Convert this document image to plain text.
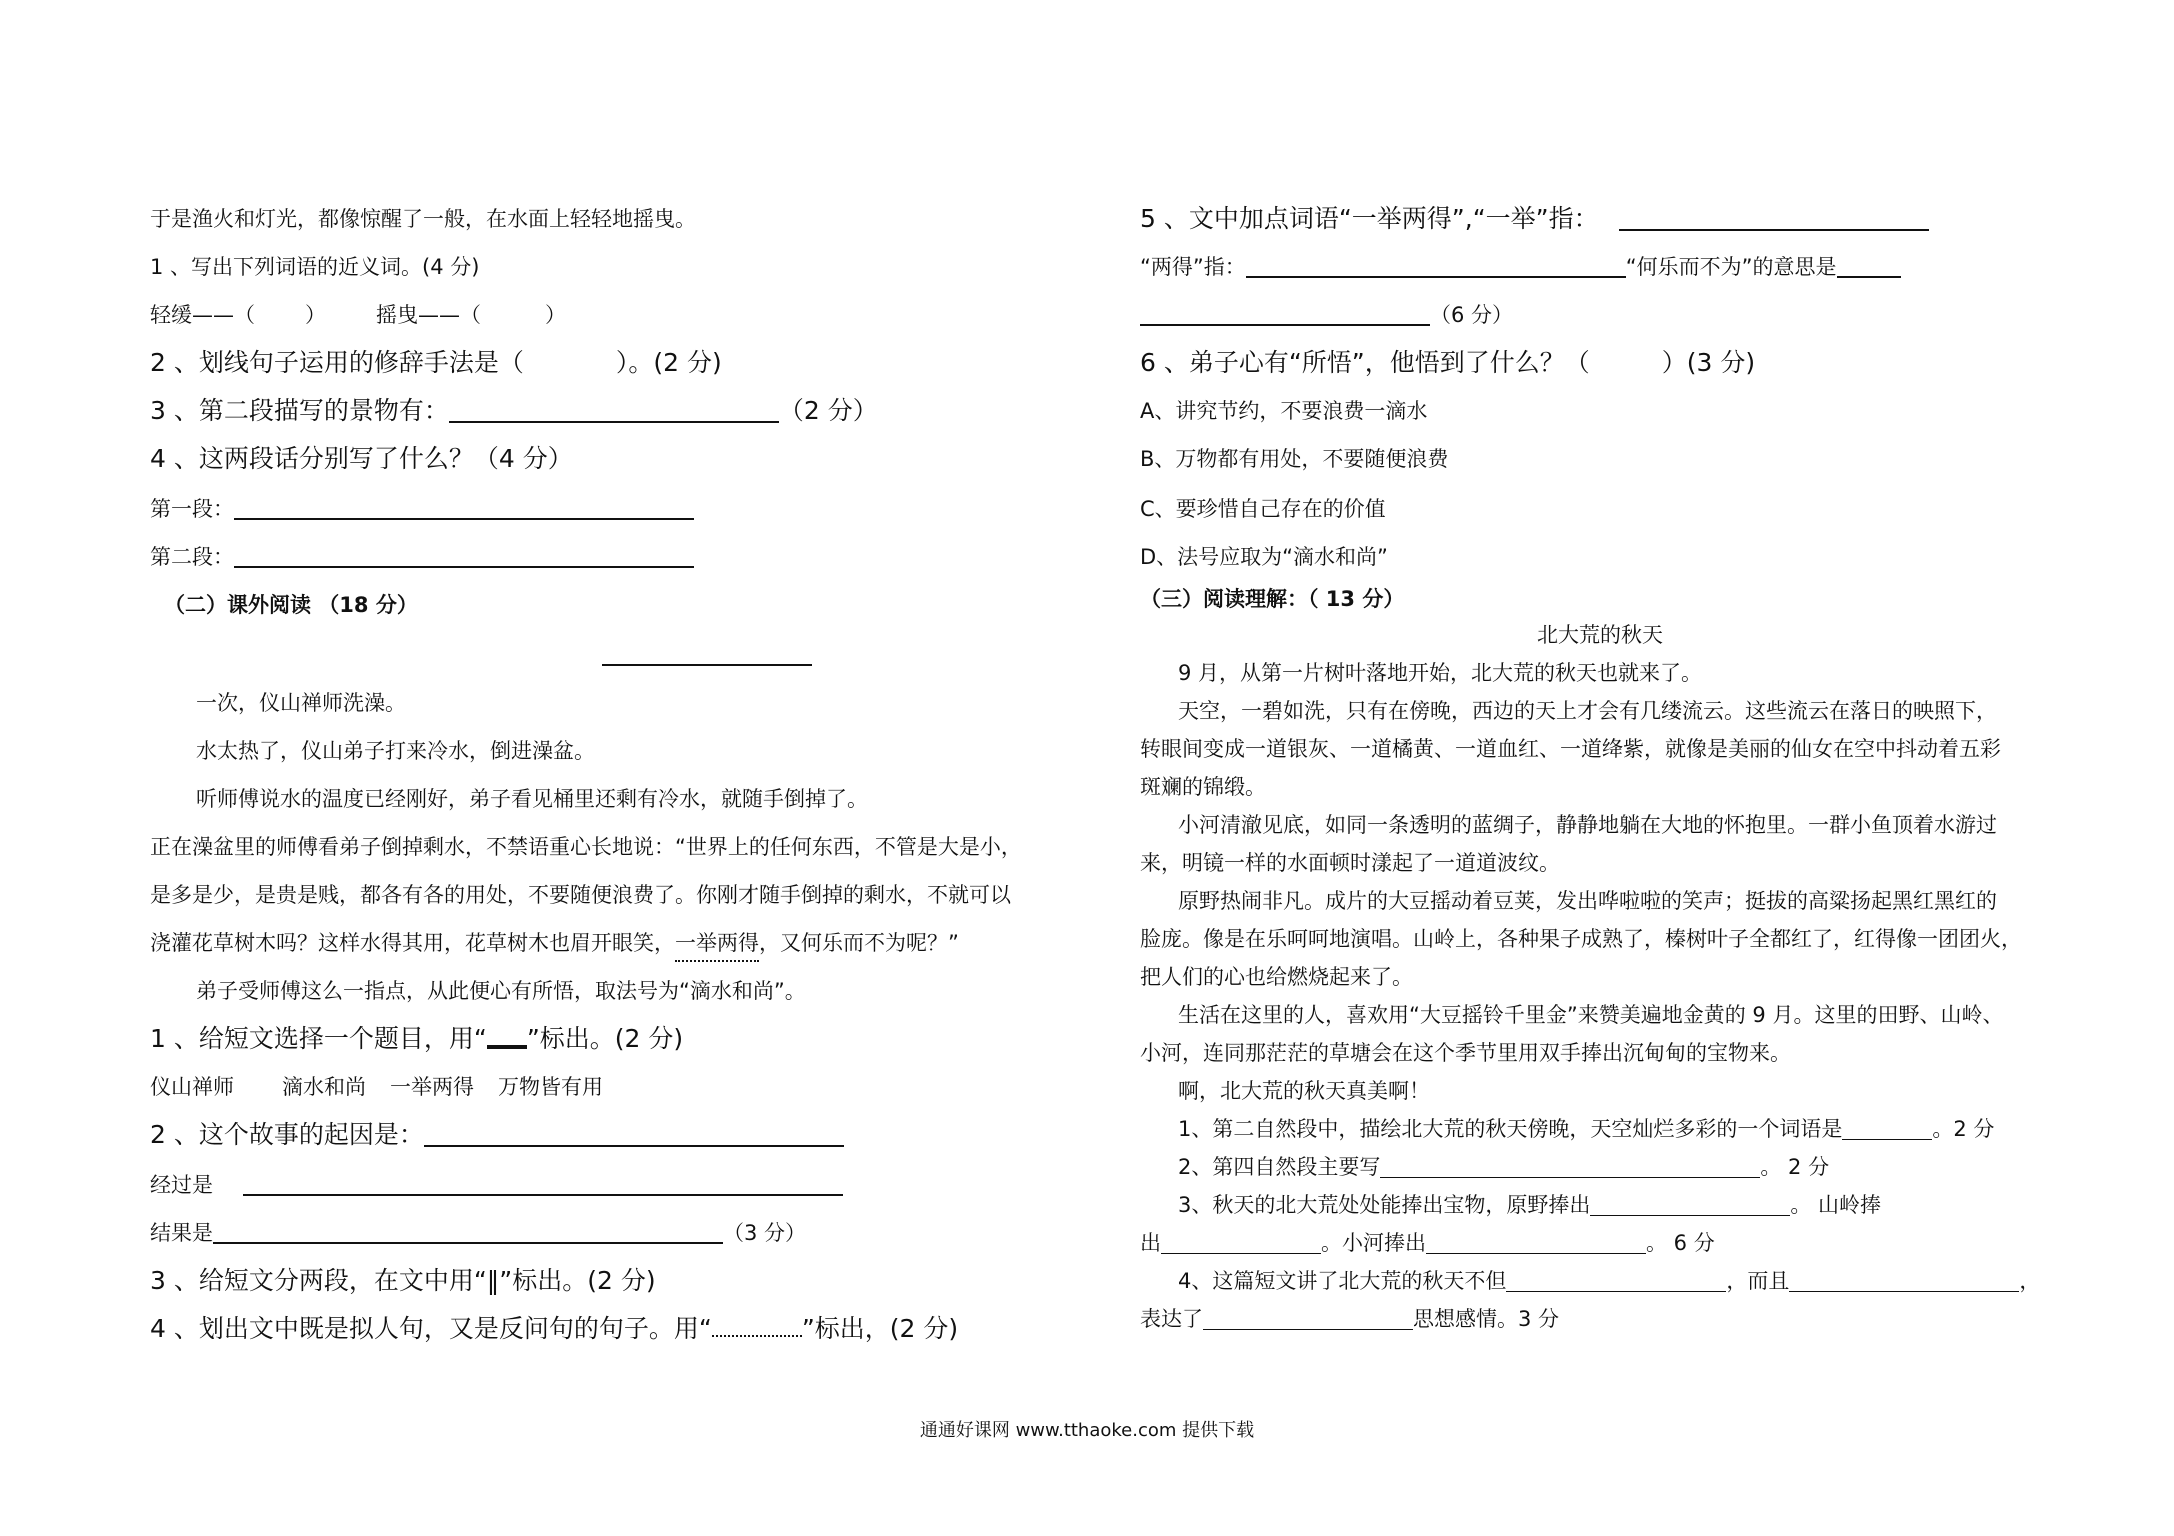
于是渔火和灯光，都像惊醒了一般，在水面上轻轻地摇曳。
1 、写出下列词语的近义词。(4 分)
轻缓——（ ） 摇曳——（	）
2 、划线句子运用的修辞手法是（	）。(2 分)
3 、第二段描写的景物有：	（2 分）
4 、这两段话分别写了什么？（4 分）
第一段：
第二段：
（二）课外阅读 （18 分）
一次，仪山禅师洗澡。
水太热了，仪山弟子打来冷水，倒进澡盆。
听师傅说水的温度已经刚好，弟子看见桶里还剩有冷水，就随手倒掉了。
正在澡盆里的师傅看弟子倒掉剩水，不禁语重心长地说：“世界上的任何东西，不管是大是小，
是多是少，是贵是贱，都各有各的用处，不要随便浪费了。你刚才随手倒掉的剩水，不就可以
浇灌花草树木吗？这样水得其用，花草树木也眉开眼笑，一举两得，又何乐而不为呢？”
弟子受师傅这么一指点，从此便心有所悟，取法号为“滴水和尚”。
1 、给短文选择一个题目，用“ ”标出。(2 分)
仪山禅师 滴水和尚 一举两得 万物皆有用
2 、这个故事的起因是：
经过是
结果是	（3 分）
3 、给短文分两段，在文中用“‖”标出。(2 分)
4 、划出文中既是拟人句，又是反问句的句子。用“	”标出，(2 分)
5 、文中加点词语“一举两得”,“一举”指：
“两得”指：	“何乐而不为”的意思是
（6 分）
6 、弟子心有“所悟”，他悟到了什么？（	）(3 分)
A、讲究节约，不要浪费一滴水
B、万物都有用处，不要随便浪费
C、要珍惜自己存在的价值
D、法号应取为“滴水和尚”
（三）阅读理解：（ 13 分）
北大荒的秋天
9 月，从第一片树叶落地开始，北大荒的秋天也就来了。
天空，一碧如洗，只有在傍晚，西边的天上才会有几缕流云。这些流云在落日的映照下，
转眼间变成一道银灰、一道橘黄、一道血红、一道绛紫，就像是美丽的仙女在空中抖动着五彩
斑斓的锦缎。
小河清澈见底，如同一条透明的蓝绸子，静静地躺在大地的怀抱里。一群小鱼顶着水游过
来，明镜一样的水面顿时漾起了一道道波纹。
原野热闹非凡。成片的大豆摇动着豆荚，发出哗啦啦的笑声；挺拔的高粱扬起黑红黑红的
脸庞。像是在乐呵呵地演唱。山岭上，各种果子成熟了，榛树叶子全都红了，红得像一团团火，
把人们的心也给燃烧起来了。
生活在这里的人，喜欢用“大豆摇铃千里金”来赞美遍地金黄的 9 月。这里的田野、山岭、
小河，连同那茫茫的草塘会在这个季节里用双手捧出沉甸甸的宝物来。
啊，北大荒的秋天真美啊！
1、第二自然段中，描绘北大荒的秋天傍晚，天空灿烂多彩的一个词语是	。2 分
2、第四自然段主要写	。 2 分
3、秋天的北大荒处处能捧出宝物，原野捧出	。 山岭捧
出	。小河捧出	。 6 分
4、这篇短文讲了北大荒的秋天不但	，而且	，
表达了	思想感情。3 分
通通好课网 www.tthaoke.com 提供下载
